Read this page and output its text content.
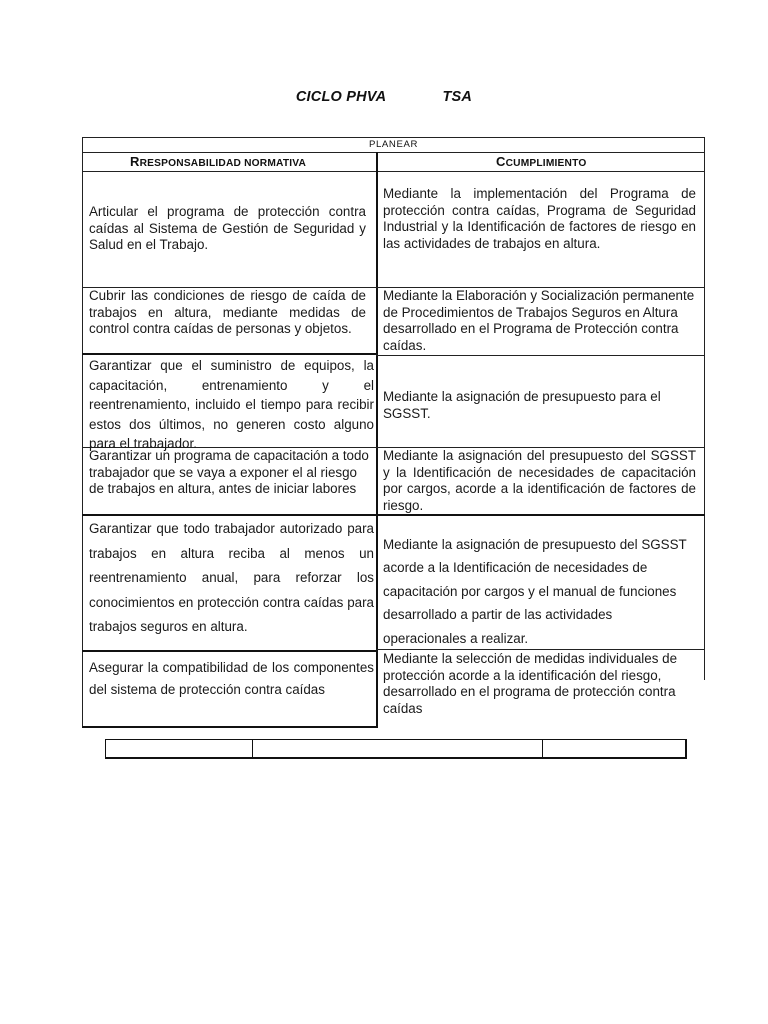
CICLO PHVA	TSA
PLANEAR
RRESPONSABILIDAD NORMATIVA	CCUMPLIMIENTO
Articular el programa de protección contra caídas al Sistema de Gestión de Seguridad y Salud en el Trabajo.
Mediante la implementación del Programa de protección contra caídas, Programa de Seguridad Industrial y la Identificación de factores de riesgo en las actividades de trabajos en altura.
Cubrir las condiciones de riesgo de caída de trabajos en altura, mediante medidas de control contra caídas de personas y objetos.
Mediante la Elaboración y Socialización permanente de Procedimientos de Trabajos Seguros en Altura desarrollado en el Programa de Protección contra caídas.
Garantizar que el suministro de equipos, la capacitación, entrenamiento y el reentrenamiento, incluido el tiempo para recibir estos dos últimos, no generen costo alguno para el trabajador.
Mediante la asignación de presupuesto para el SGSST.
Garantizar un programa de capacitación a todo trabajador que se vaya a exponer el al riesgo de trabajos en altura, antes de iniciar labores
Mediante la asignación del presupuesto del SGSST y la Identificación de necesidades de capacitación por cargos, acorde a la identificación de factores de riesgo.
Garantizar que todo trabajador autorizado para trabajos en altura reciba al menos un reentrenamiento anual, para reforzar los conocimientos en protección contra caídas para trabajos seguros en altura.
Mediante la asignación de presupuesto del SGSST acorde a la Identificación de necesidades de capacitación por cargos y el manual de funciones desarrollado a partir de las actividades operacionales a realizar.
Asegurar la compatibilidad de los componentes del sistema de protección contra caídas
Mediante la selección de medidas individuales de protección acorde a la identificación del riesgo, desarrollado en el programa de protección contra caídas
